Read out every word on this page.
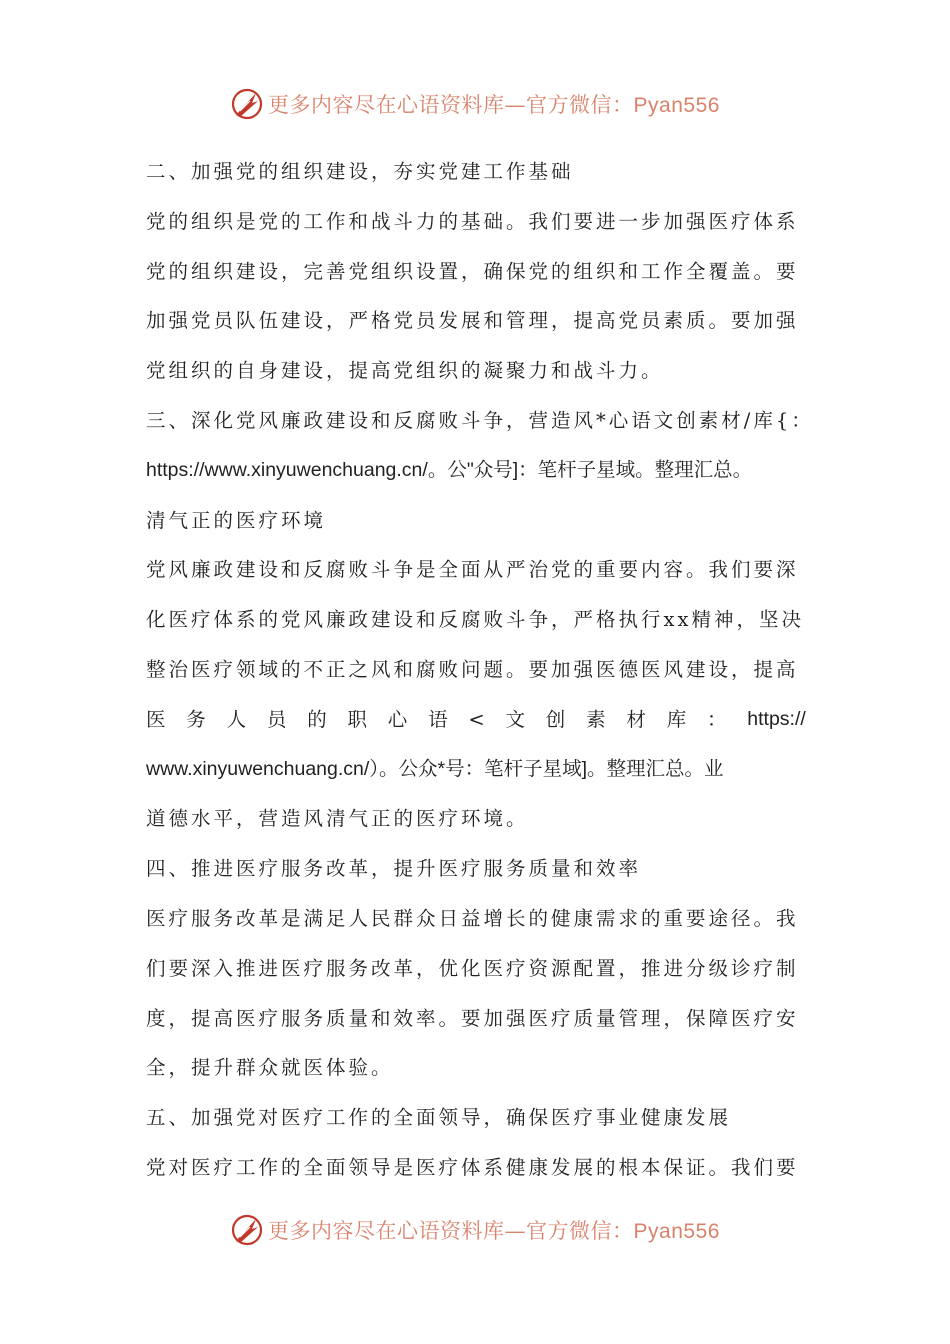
更多内容尽在心语资料库—官方微信：Pyan556
二、加强党的组织建设，夯实党建工作基础
党的组织是党的工作和战斗力的基础。我们要进一步加强医疗体系
党的组织建设，完善党组织设置，确保党的组织和工作全覆盖。要
加强党员队伍建设，严格党员发展和管理，提高党员素质。要加强
党组织的自身建设，提高党组织的凝聚力和战斗力。
三、深化党风廉政建设和反腐败斗争，营造风*心语文创素材/库{：
https://www.xinyuwenchuang.cn/。公"众号]：笔杆子星域。整理汇总。
清气正的医疗环境
党风廉政建设和反腐败斗争是全面从严治党的重要内容。我们要深
化医疗体系的党风廉政建设和反腐败斗争，严格执行xx精神，坚决
整治医疗领域的不正之风和腐败问题。要加强医德医风建设，提高
医 务 人 员 的 职 心 语 < 文 创 素 材 库 ： https://
www.xinyuwenchuang.cn/）。公众*号：笔杆子星域]。整理汇总。业
道德水平，营造风清气正的医疗环境。
四、推进医疗服务改革，提升医疗服务质量和效率
医疗服务改革是满足人民群众日益增长的健康需求的重要途径。我
们要深入推进医疗服务改革，优化医疗资源配置，推进分级诊疗制
度，提高医疗服务质量和效率。要加强医疗质量管理，保障医疗安
全，提升群众就医体验。
五、加强党对医疗工作的全面领导，确保医疗事业健康发展
党对医疗工作的全面领导是医疗体系健康发展的根本保证。我们要
更多内容尽在心语资料库—官方微信：Pyan556
